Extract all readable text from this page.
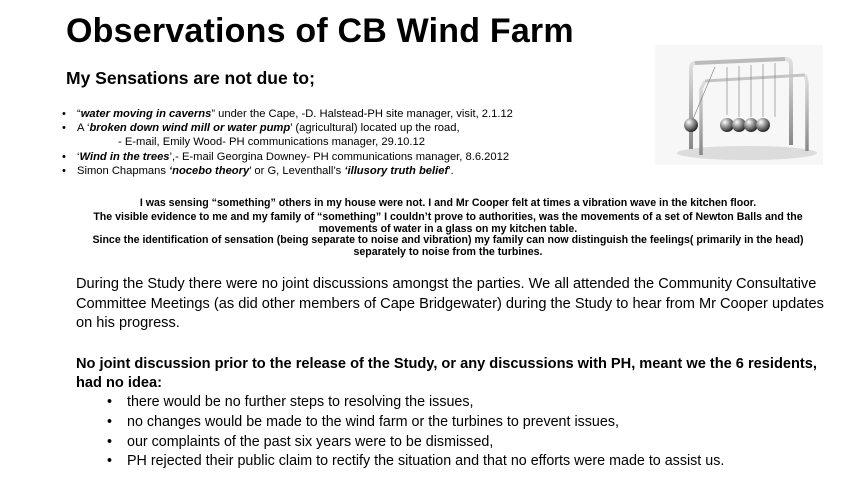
Observations of CB Wind Farm
My Sensations are not due to;
• “water moving in caverns” under the Cape, -D. Halstead-PH site manager, visit, 2.1.12
• A ‘broken down wind mill or water pump’ (agricultural) located up the road,
- E-mail, Emily Wood- PH communications manager, 29.10.12
• ‘Wind in the trees’,- E-mail Georgina Downey- PH communications manager, 8.6.2012
• Simon Chapmans ‘nocebo theory’ or G, Leventhall’s ‘illusory truth belief’.

I was sensing “something” others in my house were not. I and Mr Cooper felt at times a vibration wave in the kitchen floor.

The visible evidence to me and my family of “something” I couldn’t prove to authorities, was the movements of a set of Newton Balls and the movements of water in a glass on my kitchen table.

Since the identification of sensation (being separate to noise and vibration) my family can now distinguish the feelings( primarily in the head) separately to noise from the turbines.

During the Study there were no joint discussions amongst the parties. We all attended the Community Consultative Committee Meetings (as did other members of Cape Bridgewater) during the Study to hear from Mr Cooper updates on his progress.

No joint discussion prior to the release of the Study, or any discussions with PH, meant we the 6 residents, had no idea:

• there would be no further steps to resolving the issues,
• no changes would be made to the wind farm or the turbines to prevent issues,
• our complaints of the past six years were to be dismissed,
• PH rejected their public claim to rectify the situation and that no efforts were made to assist us.
